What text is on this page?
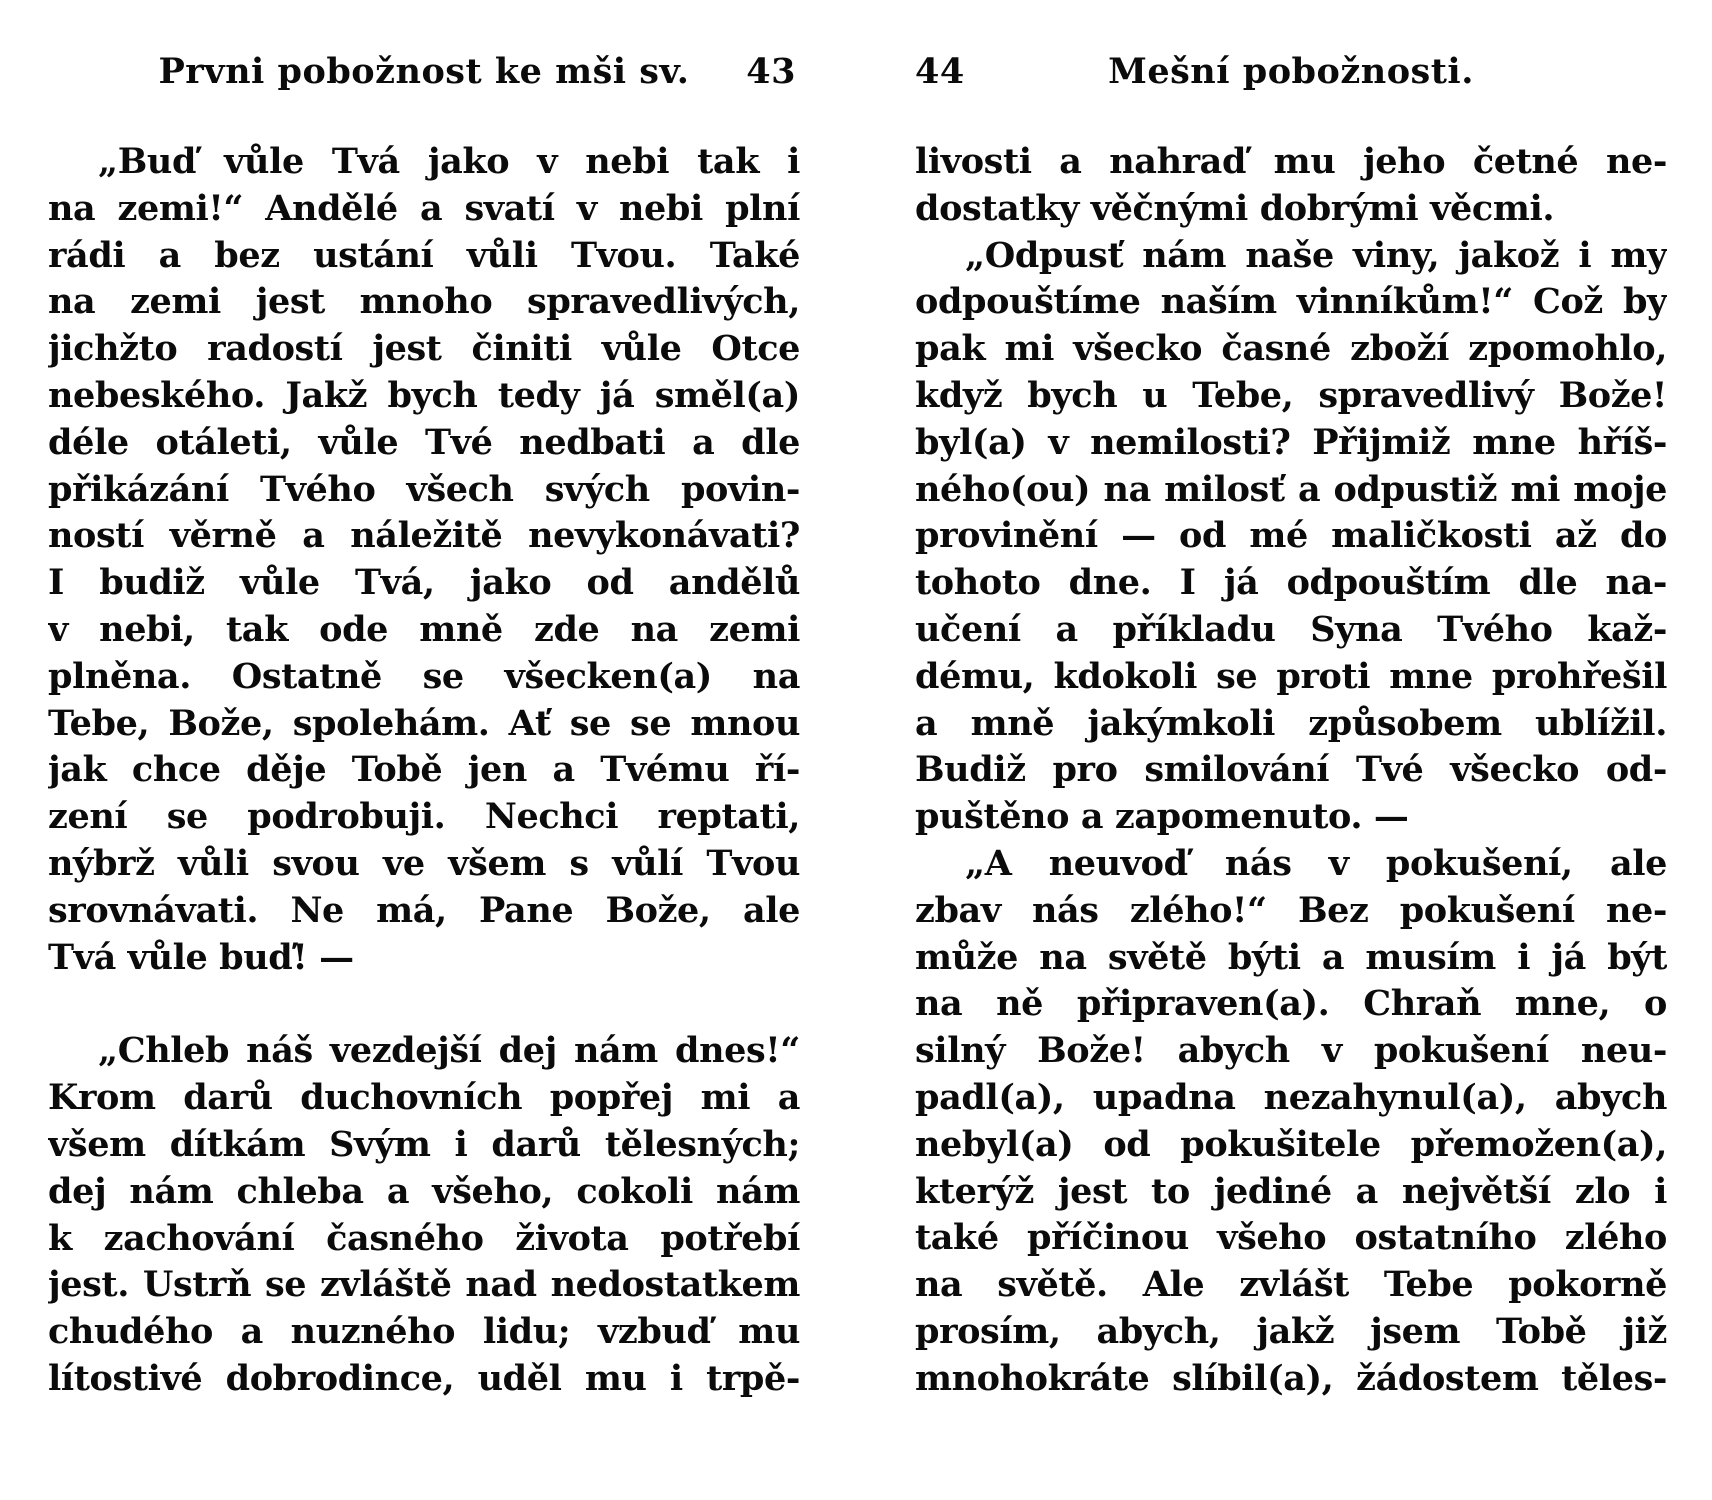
Prvni pobožnost ke mši sv. 43
„Buď vůle Tvá jako v nebi tak i
na zemi!“ Andělé a svatí v nebi plní
rádi a bez ustání vůli Tvou. Také
na zemi jest mnoho spravedlivých,
jichžto radostí jest činiti vůle Otce
nebeského. Jakž bych tedy já směl(a)
déle otáleti, vůle Tvé nedbati a dle
přikázání Tvého všech svých povin-
ností věrně a náležitě nevykonávati?
I budiž vůle Tvá, jako od andělů
v nebi, tak ode mně zde na zemi
plněna. Ostatně se všecken(a) na
Tebe, Bože, spolehám. Ať se se mnou
jak chce děje Tobě jen a Tvému ří-
zení se podrobuji. Nechci reptati,
nýbrž vůli svou ve všem s vůlí Tvou
srovnávati. Ne má, Pane Bože, ale
Tvá vůle buď! —
„Chleb náš vezdejší dej nám dnes!“
Krom darů duchovních popřej mi a
všem dítkám Svým i darů tělesných;
dej nám chleba a všeho, cokoli nám
k zachování časného života potřebí
jest. Ustrň se zvláště nad nedostatkem
chudého a nuzného lidu; vzbuď mu
lítostivé dobrodince, uděl mu i trpě-
Mešní pobožnosti.
44
livosti a nahraď mu jeho četné ne-
dostatky věčnými dobrými věcmi.
„Odpusť nám naše viny, jakož i my
odpouštíme naším vinníkům!“ Což by
pak mi všecko časné zboží zpomohlo,
když bych u Tebe, spravedlivý Bože!
byl(a) v nemilosti? Přijmiž mne hříš-
ného(ou) na milosť a odpustiž mi moje
provinění — od mé maličkosti až do
tohoto dne. I já odpouštím dle na-
učení a příkladu Syna Tvého kaž-
dému, kdokoli se proti mne prohřešil
a mně jakýmkoli způsobem ublížil.
Budiž pro smilování Tvé všecko od-
puštěno a zapomenuto. —
„A neuvoď nás v pokušení, ale
zbav nás zlého!“ Bez pokušení ne-
může na světě býti a musím i já být
na ně připraven(a). Chraň mne, o
silný Bože! abych v pokušení neu-
padl(a), upadna nezahynul(a), abych
nebyl(a) od pokušitele přemožen(a),
kterýž jest to jediné a největší zlo i
také příčinou všeho ostatního zlého
na světě. Ale zvlášt Tebe pokorně
prosím, abych, jakž jsem Tobě již
mnohokráte slíbil(a), žádostem těles-
